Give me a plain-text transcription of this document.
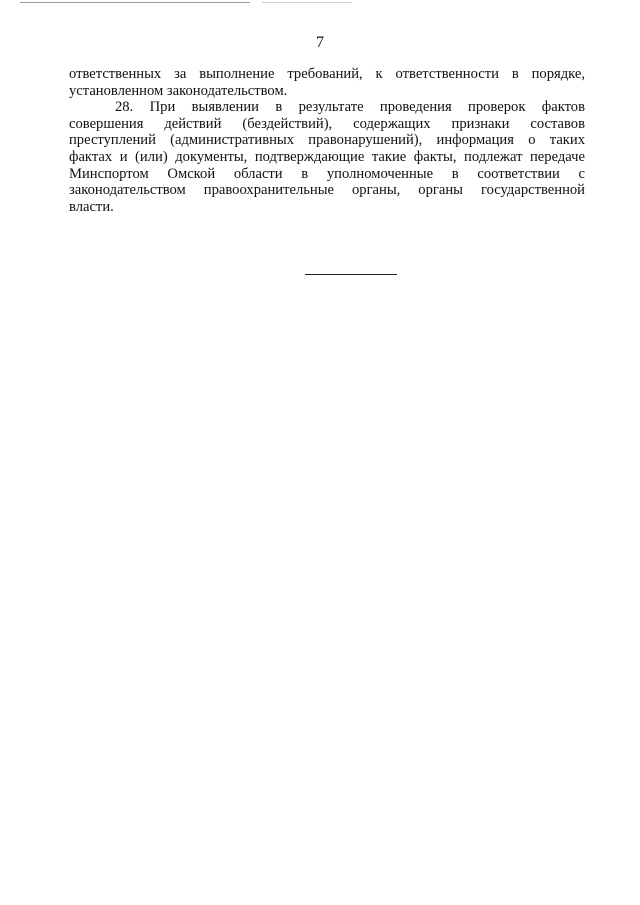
7
ответственных за выполнение требований, к ответственности в порядке,
установленном законодательством.
28. При выявлении в результате проведения проверок фактов
совершения действий (бездействий), содержащих признаки составов
преступлений (административных правонарушений), информация о таких
фактах и (или) документы, подтверждающие такие факты, подлежат передаче
Минспортом Омской области в уполномоченные в соответствии с
законодательством правоохранительные органы, органы государственной
власти.
